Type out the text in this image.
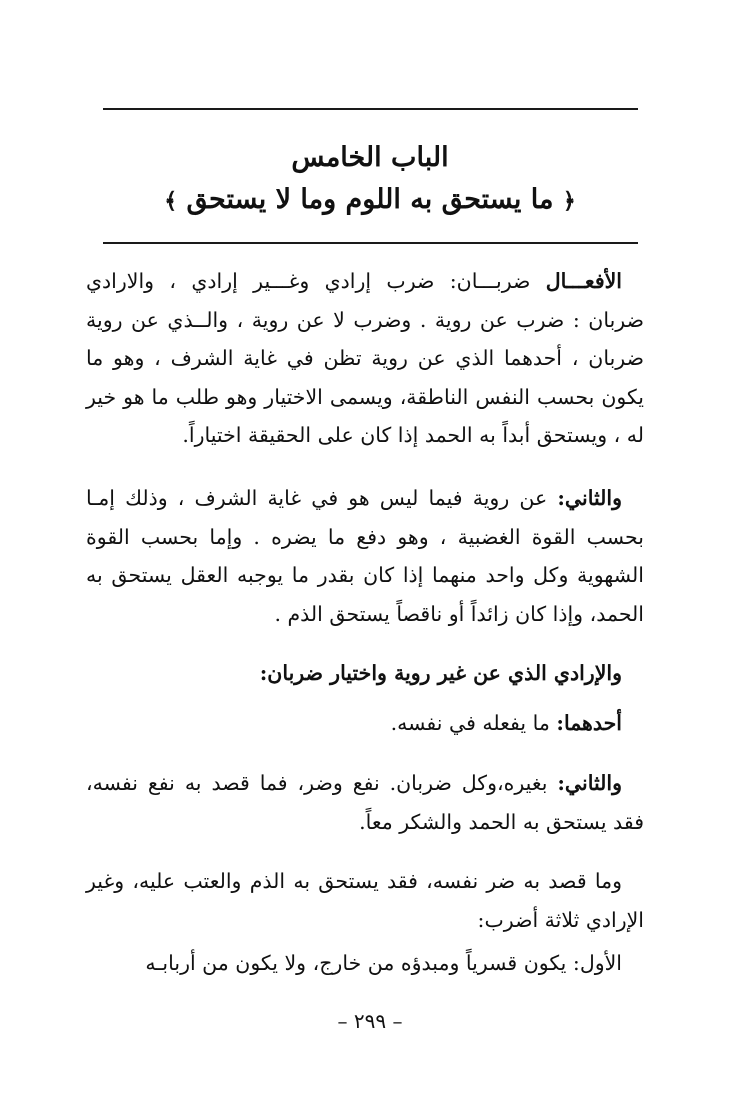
الباب الخامس
﴿ ما يستحق به اللوم وما لا يستحق ﴾
الأفعـــال ضربـــان: ضرب إرادي وغـــير إرادي ، والارادي ضربان : ضرب عن روية . وضرب لا عن روية ، والــذي عن روية ضربان ، أحدهما الذي عن روية تظن في غاية الشرف ، وهو ما يكون بحسب النفس الناطقة، ويسمى الاختيار وهو طلب ما هو خير له ، ويستحق أبداً به الحمد إذا كان على الحقيقة اختياراً.
والثاني: عن روية فيما ليس هو في غاية الشرف ، وذلك إمـا بحسب القوة الغضبية ، وهو دفع ما يضره . وإما بحسب القوة الشهوية وكل واحد منهما إذا كان بقدر ما يوجبه العقل يستحق به الحمد، وإذا كان زائداً أو ناقصاً يستحق الذم .
والإرادي الذي عن غير روية واختيار ضربان:
أحدهما: ما يفعله في نفسه.
والثاني: بغيره،وكل ضربان. نفع وضر، فما قصد به نفع نفسه، فقد يستحق به الحمد والشكر معاً.
وما قصد به ضر نفسه، فقد يستحق به الذم والعتب عليه، وغير الإرادي ثلاثة أضرب:
الأول: يكون قسرياً ومبدؤه من خارج، ولا يكون من أربابـه
– ٢٩٩ –
